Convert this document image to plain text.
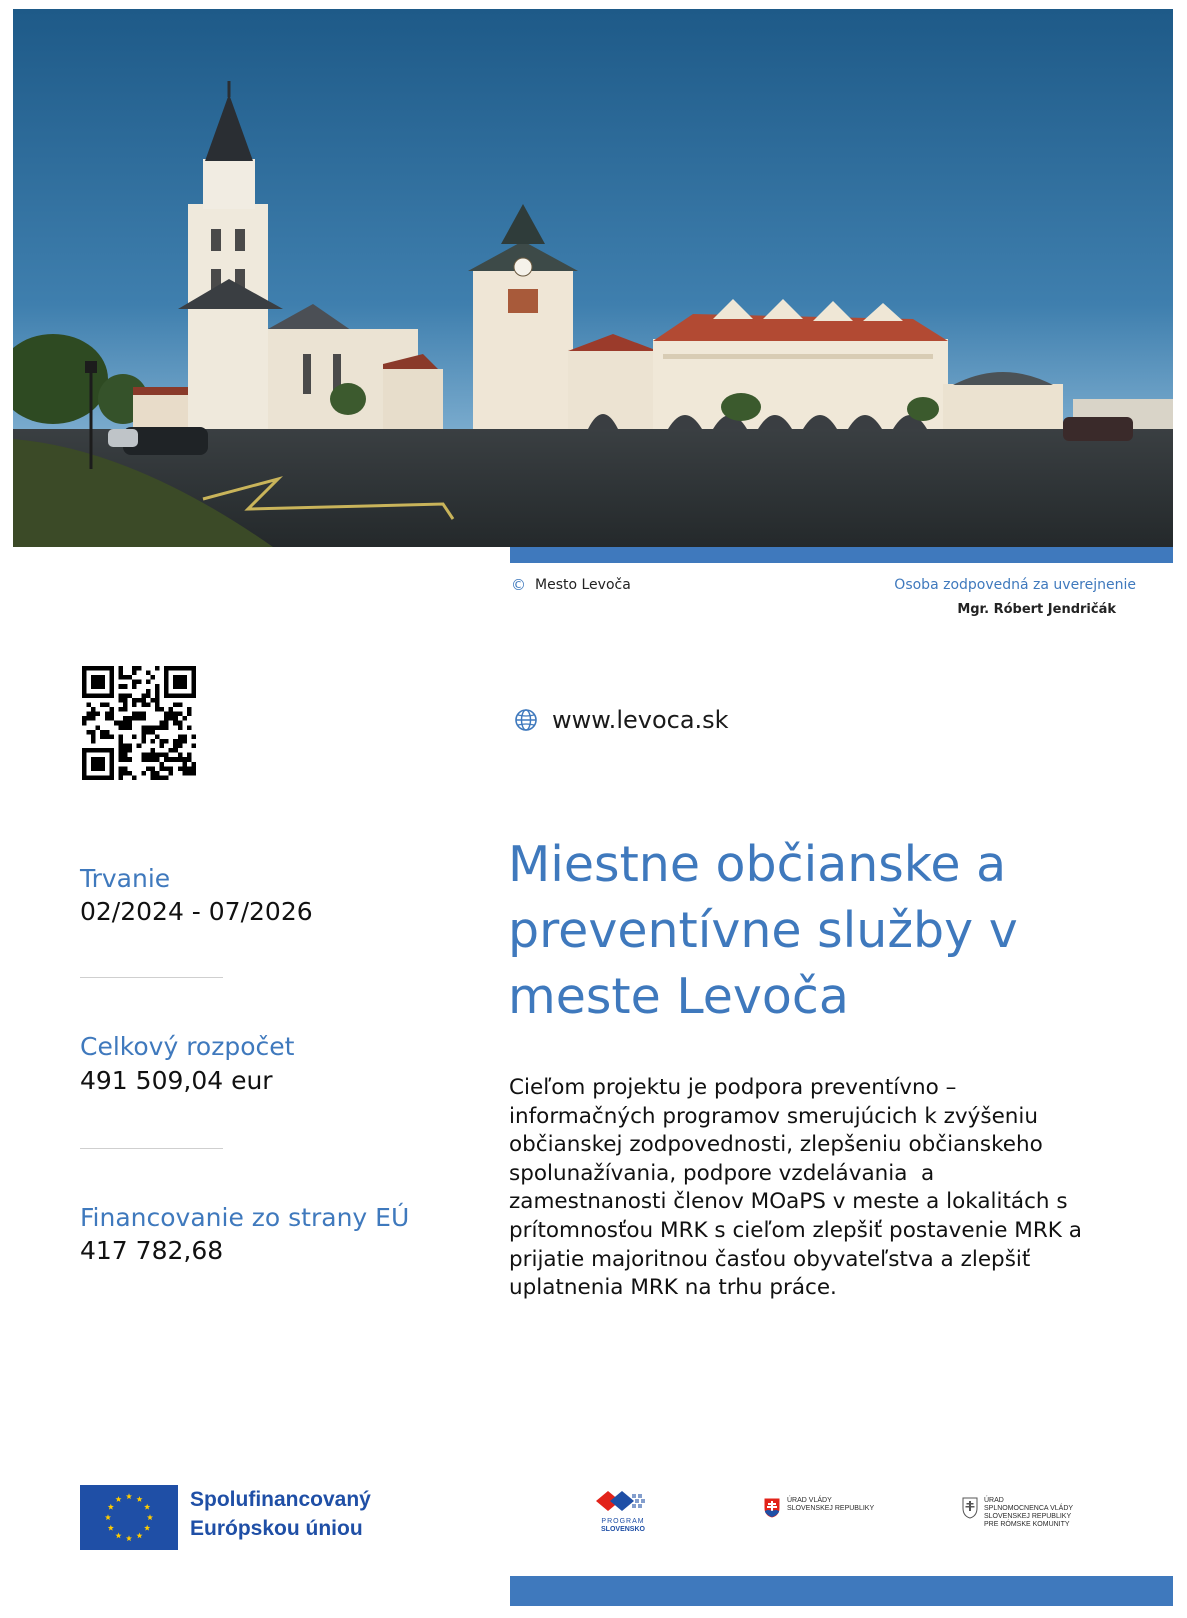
© Mesto Levoča	Osoba zodpovedná za uverejnenie
Mgr. Róbert Jendričák
www.levoca.sk
Trvanie
02/2024 - 07/2026
Celkový rozpočet
491 509,04 eur
Financovanie zo strany EÚ
417 782,68
Miestne občianske a
preventívne služby v
meste Levoča
Cieľom projektu je podpora preventívno –
informačných programov smerujúcich k zvýšeniu
občianskej zodpovednosti, zlepšeniu občianskeho
spolunažívania, podpore vzdelávania  a
zamestnanosti členov MOaPS v meste a lokalitách s
prítomnosťou MRK s cieľom zlepšiť postavenie MRK a
prijatie majoritnou časťou obyvateľstva a zlepšiť
uplatnenia MRK na trhu práce.
Spolufinancovaný
Európskou úniou	PROGRAM
SLOVENSKO
ÚRAD VLÁDY
SLOVENSKEJ REPUBLIKY
ÚRAD
SPLNOMOCNENCA VLÁDY
SLOVENSKEJ REPUBLIKY
PRE RÓMSKE KOMUNITY
